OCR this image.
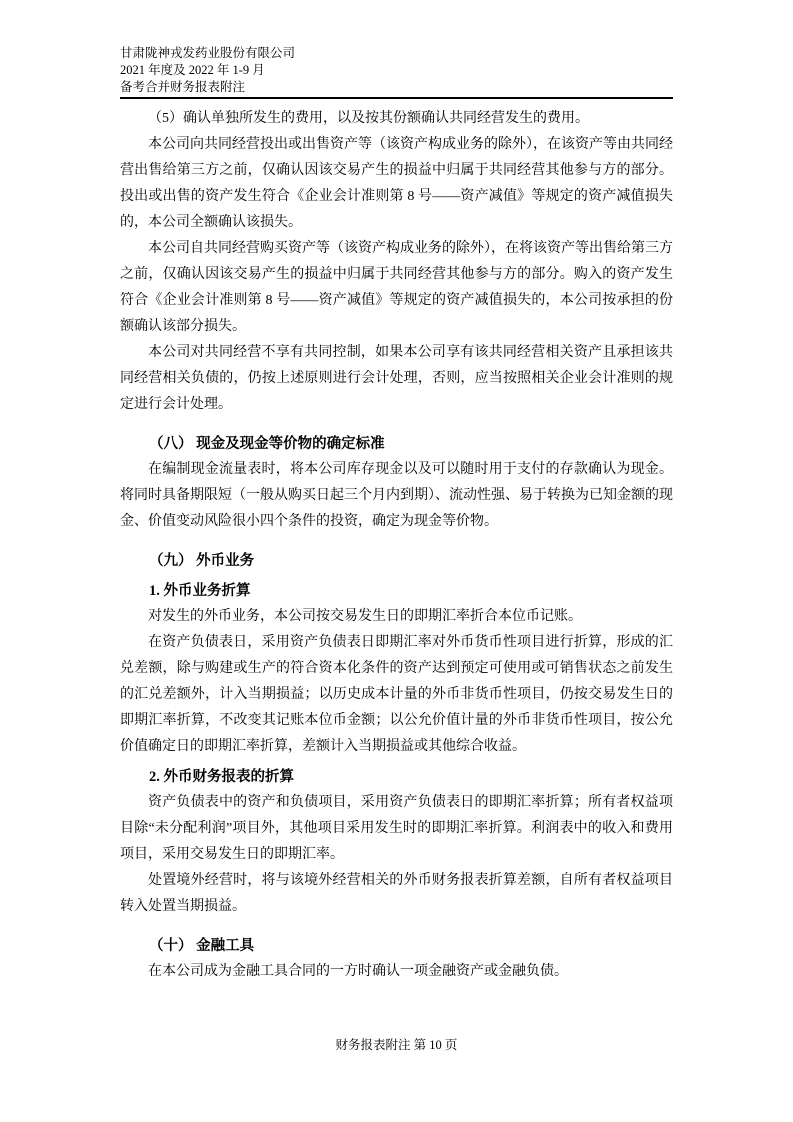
甘肃陇神戎发药业股份有限公司
2021 年度及 2022 年 1-9 月
备考合并财务报表附注

（5）确认单独所发生的费用，以及按其份额确认共同经营发生的费用。

本公司向共同经营投出或出售资产等（该资产构成业务的除外），在该资产等由共同经营出售给第三方之前，仅确认因该交易产生的损益中归属于共同经营其他参与方的部分。投出或出售的资产发生符合《企业会计准则第 8 号——资产减值》等规定的资产减值损失的，本公司全额确认该损失。

本公司自共同经营购买资产等（该资产构成业务的除外），在将该资产等出售给第三方之前，仅确认因该交易产生的损益中归属于共同经营其他参与方的部分。购入的资产发生符合《企业会计准则第 8 号——资产减值》等规定的资产减值损失的，本公司按承担的份额确认该部分损失。

本公司对共同经营不享有共同控制，如果本公司享有该共同经营相关资产且承担该共同经营相关负债的，仍按上述原则进行会计处理，否则，应当按照相关企业会计准则的规定进行会计处理。

（八） 现金及现金等价物的确定标准

在编制现金流量表时，将本公司库存现金以及可以随时用于支付的存款确认为现金。将同时具备期限短（一般从购买日起三个月内到期）、流动性强、易于转换为已知金额的现金、价值变动风险很小四个条件的投资，确定为现金等价物。

（九） 外币业务
1. 外币业务折算

对发生的外币业务，本公司按交易发生日的即期汇率折合本位币记账。

在资产负债表日，采用资产负债表日即期汇率对外币货币性项目进行折算，形成的汇兑差额，除与购建或生产的符合资本化条件的资产达到预定可使用或可销售状态之前发生的汇兑差额外，计入当期损益；以历史成本计量的外币非货币性项目，仍按交易发生日的即期汇率折算，不改变其记账本位币金额；以公允价值计量的外币非货币性项目，按公允价值确定日的即期汇率折算，差额计入当期损益或其他综合收益。

2. 外币财务报表的折算

资产负债表中的资产和负债项目，采用资产负债表日的即期汇率折算；所有者权益项目除“未分配利润”项目外，其他项目采用发生时的即期汇率折算。利润表中的收入和费用项目，采用交易发生日的即期汇率。

处置境外经营时，将与该境外经营相关的外币财务报表折算差额，自所有者权益项目转入处置当期损益。

（十） 金融工具

在本公司成为金融工具合同的一方时确认一项金融资产或金融负债。

财务报表附注 第 10 页
